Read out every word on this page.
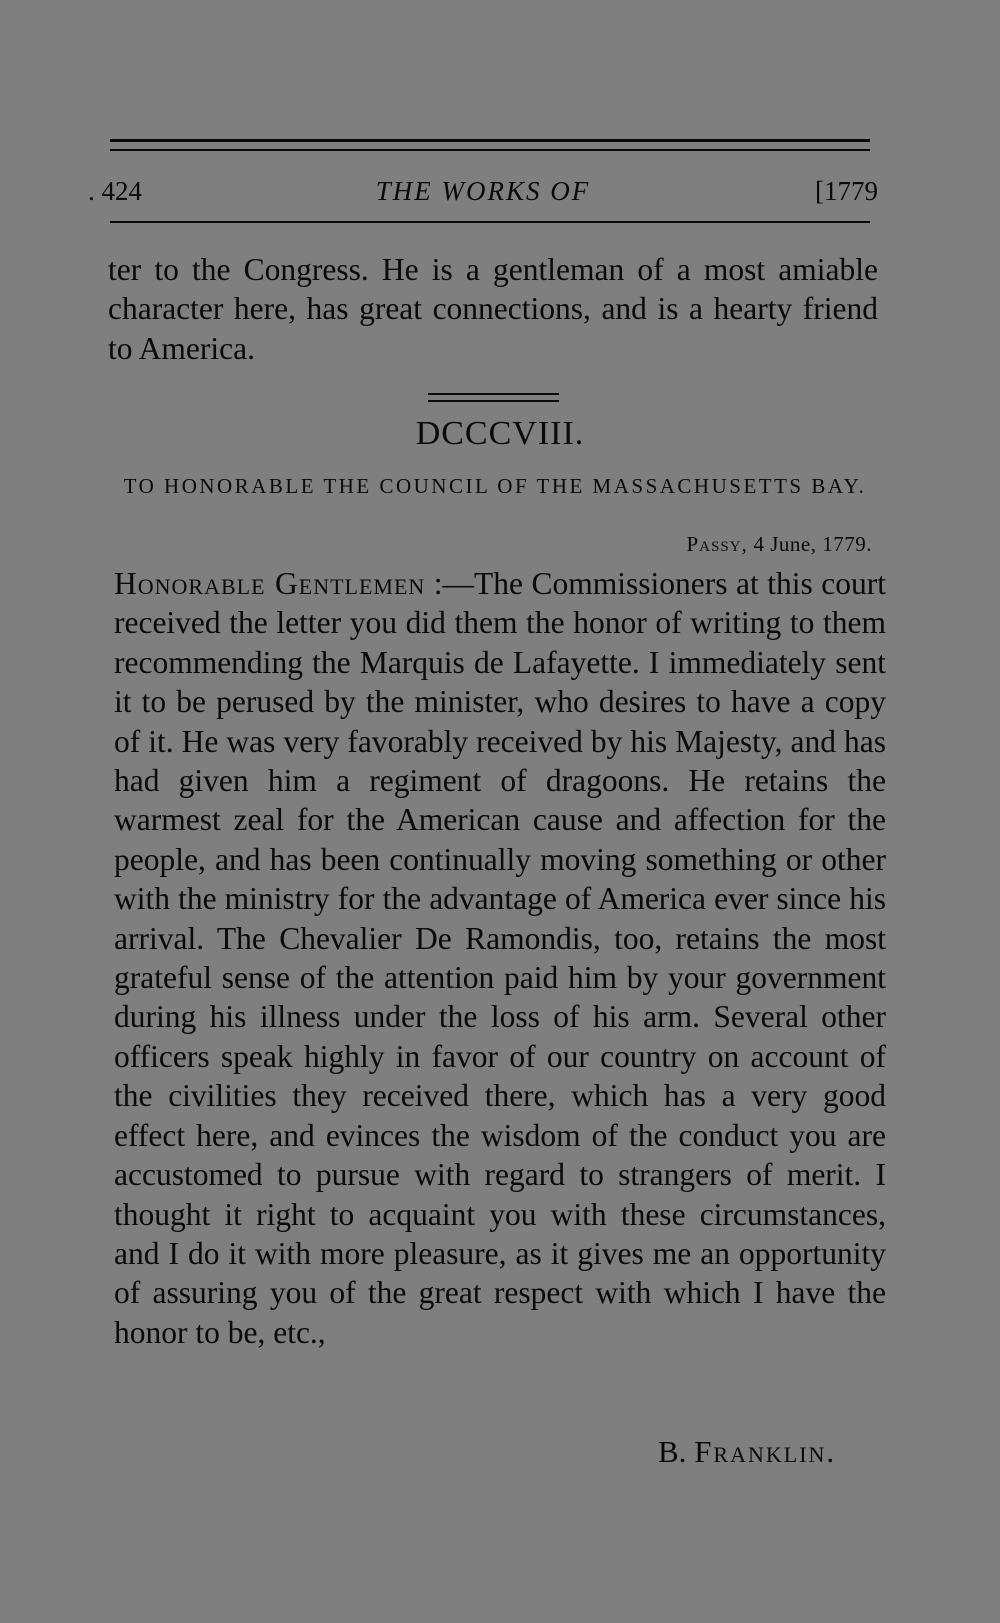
. 424	THE WORKS OF	[1779

ter to the Congress. He is a gentleman of a most amiable character here, has great connections, and is a hearty friend to America.

DCCCVIII.
TO HONORABLE THE COUNCIL OF THE MASSACHUSETTS BAY.
Passy, 4 June, 1779.

Honorable Gentlemen :—The Commissioners at this court received the letter you did them the honor of writing to them recommending the Marquis de Lafayette. I immediately sent it to be perused by the minister, who desires to have a copy of it. He was very favorably received by his Majesty, and has had given him a regiment of dragoons. He retains the warmest zeal for the American cause and affection for the people, and has been continually moving something or other with the ministry for the advantage of America ever since his arrival. The Chevalier De Ramondis, too, retains the most grateful sense of the attention paid him by your government during his illness under the loss of his arm. Several other officers speak highly in favor of our country on account of the civilities they received there, which has a very good effect here, and evinces the wisdom of the conduct you are accustomed to pursue with regard to strangers of merit. I thought it right to acquaint you with these circumstances, and I do it with more pleasure, as it gives me an opportunity of assuring you of the great respect with which I have the honor to be, etc.,

B. Franklin.
